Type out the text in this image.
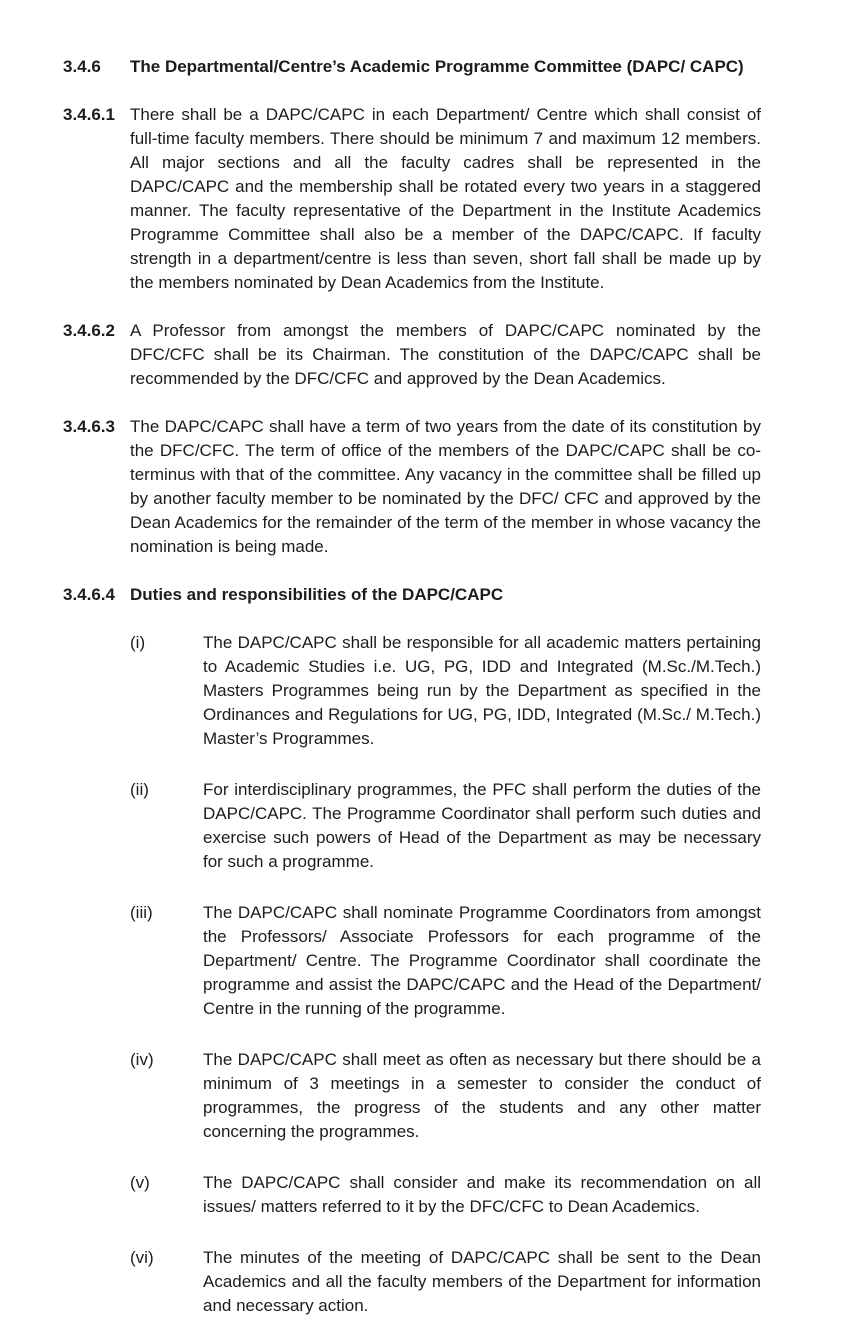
3.4.6	The Departmental/Centre’s Academic Programme Committee (DAPC/ CAPC)
3.4.6.1 There shall be a DAPC/CAPC in each Department/ Centre which shall consist of full-time faculty members. There should be minimum 7 and maximum 12 members. All major sections and all the faculty cadres shall be represented in the DAPC/CAPC and the membership shall be rotated every two years in a staggered manner. The faculty representative of the Department in the Institute Academics Programme Committee shall also be a member of the DAPC/CAPC. If faculty strength in a department/centre is less than seven, short fall shall be made up by the members nominated by Dean Academics from the Institute.

3.4.6.2 A Professor from amongst the members of DAPC/CAPC nominated by the DFC/CFC shall be its Chairman. The constitution of the DAPC/CAPC shall be recommended by the DFC/CFC and approved by the Dean Academics.

3.4.6.3 The DAPC/CAPC shall have a term of two years from the date of its constitution by the DFC/CFC. The term of office of the members of the DAPC/CAPC shall be co-terminus with that of the committee. Any vacancy in the committee shall be filled up by another faculty member to be nominated by the DFC/ CFC and approved by the Dean Academics for the remainder of the term of the member in whose vacancy the nomination is being made.

3.4.6.4 Duties and responsibilities of the DAPC/CAPC
(i)	The DAPC/CAPC shall be responsible for all academic matters pertaining to Academic Studies i.e. UG, PG, IDD and Integrated (M.Sc./M.Tech.) Masters Programmes being run by the Department as specified in the Ordinances and Regulations for UG, PG, IDD, Integrated (M.Sc./ M.Tech.) Master’s Programmes.

(ii)	For interdisciplinary programmes, the PFC shall perform the duties of the DAPC/CAPC. The Programme Coordinator shall perform such duties and exercise such powers of Head of the Department as may be necessary for such a programme.

(iii)	The DAPC/CAPC shall nominate Programme Coordinators from amongst the Professors/ Associate Professors for each programme of the Department/ Centre. The Programme Coordinator shall coordinate the programme and assist the DAPC/CAPC and the Head of the Department/ Centre in the running of the programme.

(iv)	The DAPC/CAPC shall meet as often as necessary but there should be a minimum of 3 meetings in a semester to consider the conduct of programmes, the progress of the students and any other matter concerning the programmes.

(v)	The DAPC/CAPC shall consider and make its recommendation on all issues/ matters referred to it by the DFC/CFC to Dean Academics.

(vi)	The minutes of the meeting of DAPC/CAPC shall be sent to the Dean Academics and all the faculty members of the Department for information and necessary action.
